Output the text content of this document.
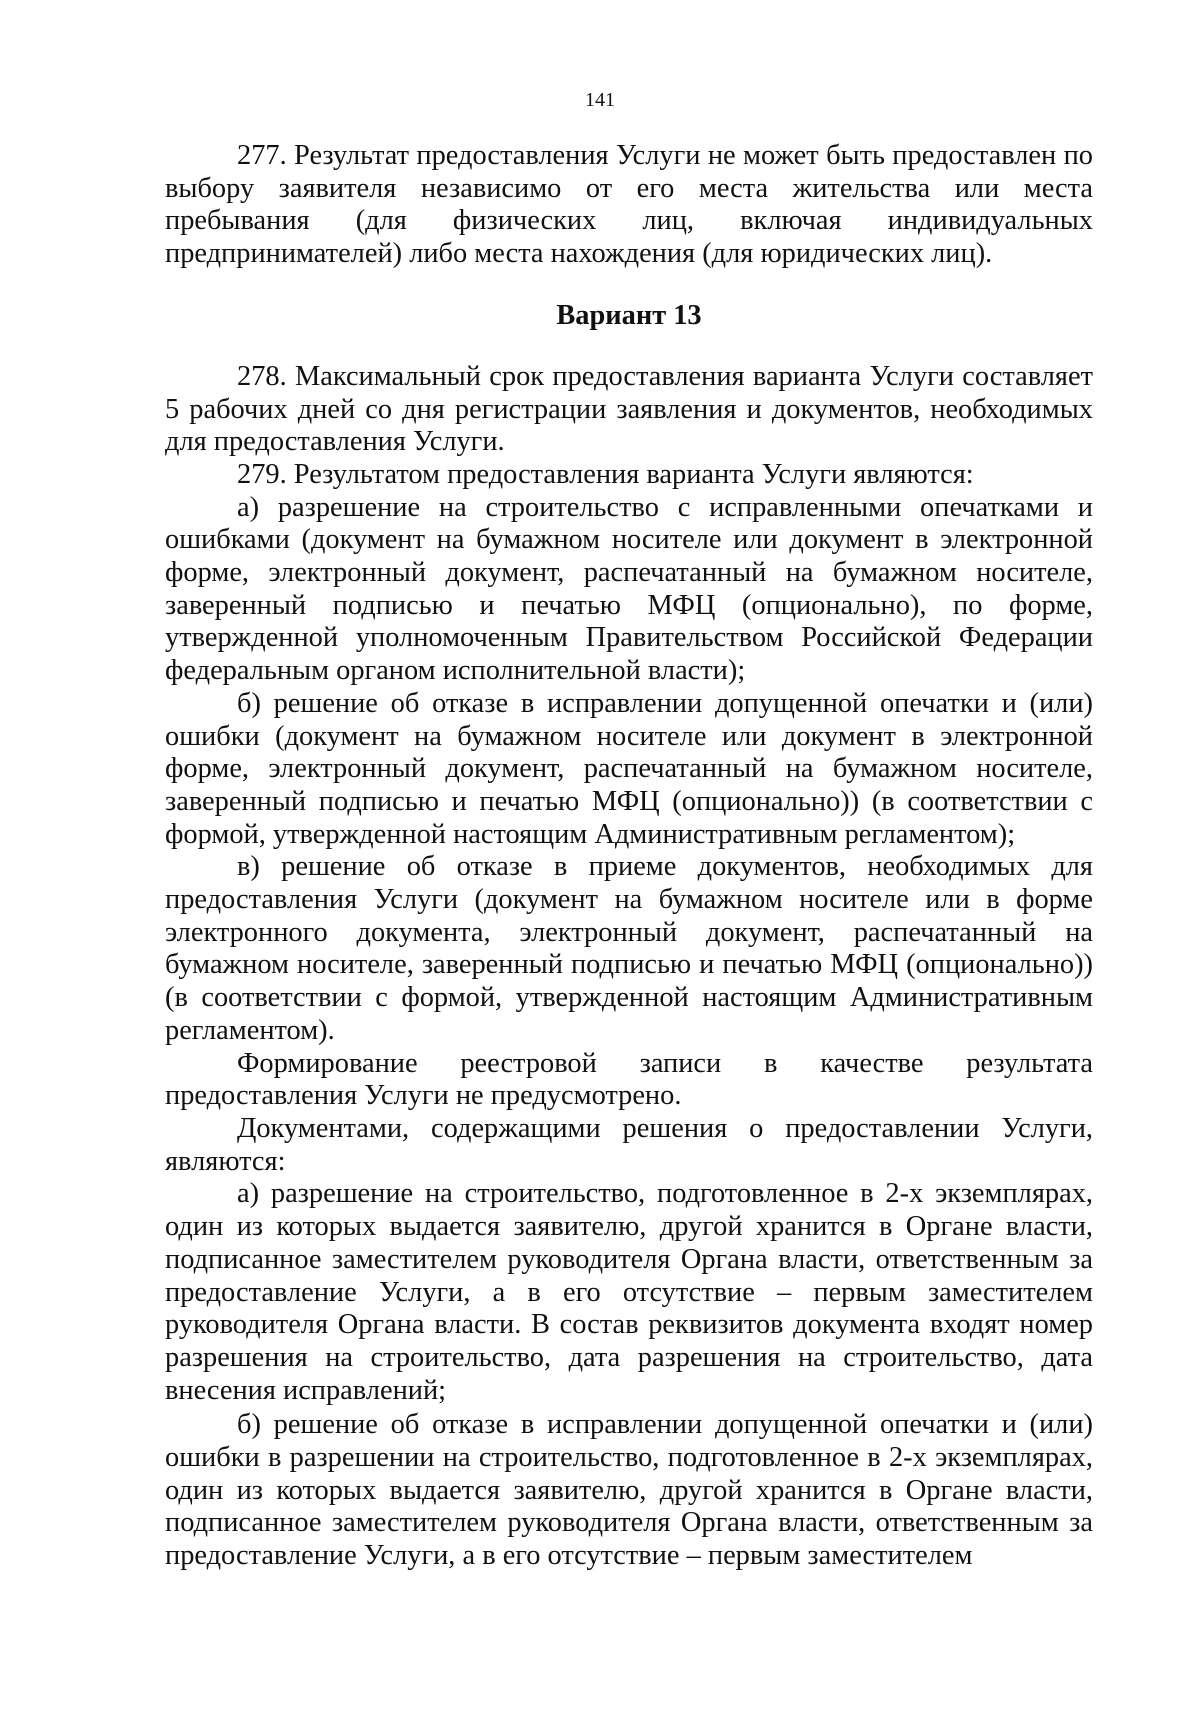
141

277. Результат предоставления Услуги не может быть предоставлен по выбору заявителя независимо от его места жительства или места пребывания (для физических лиц, включая индивидуальных предпринимателей) либо места нахождения (для юридических лиц).

Вариант 13

278. Максимальный срок предоставления варианта Услуги составляет 5 рабочих дней со дня регистрации заявления и документов, необходимых для предоставления Услуги.

279. Результатом предоставления варианта Услуги являются:

а) разрешение на строительство с исправленными опечатками и ошибками (документ на бумажном носителе или документ в электронной форме, электронный документ, распечатанный на бумажном носителе, заверенный подписью и печатью МФЦ (опционально), по форме, утвержденной уполномоченным Правительством Российской Федерации федеральным органом исполнительной власти);

б) решение об отказе в исправлении допущенной опечатки и (или) ошибки (документ на бумажном носителе или документ в электронной форме, электронный документ, распечатанный на бумажном носителе, заверенный подписью и печатью МФЦ (опционально)) (в соответствии с формой, утвержденной настоящим Административным регламентом);

в) решение об отказе в приеме документов, необходимых для предоставления Услуги (документ на бумажном носителе или в форме электронного документа, электронный документ, распечатанный на бумажном носителе, заверенный подписью и печатью МФЦ (опционально)) (в соответствии с формой, утвержденной настоящим Административным регламентом).

Формирование реестровой записи в качестве результата предоставления Услуги не предусмотрено.

Документами, содержащими решения о предоставлении Услуги, являются:

а) разрешение на строительство, подготовленное в 2-х экземплярах, один из которых выдается заявителю, другой хранится в Органе власти, подписанное заместителем руководителя Органа власти, ответственным за предоставление Услуги, а в его отсутствие – первым заместителем руководителя Органа власти. В состав реквизитов документа входят номер разрешения на строительство, дата разрешения на строительство, дата внесения исправлений;

б) решение об отказе в исправлении допущенной опечатки и (или) ошибки в разрешении на строительство, подготовленное в 2-х экземплярах, один из которых выдается заявителю, другой хранится в Органе власти, подписанное заместителем руководителя Органа власти, ответственным за предоставление Услуги, а в его отсутствие – первым заместителем
